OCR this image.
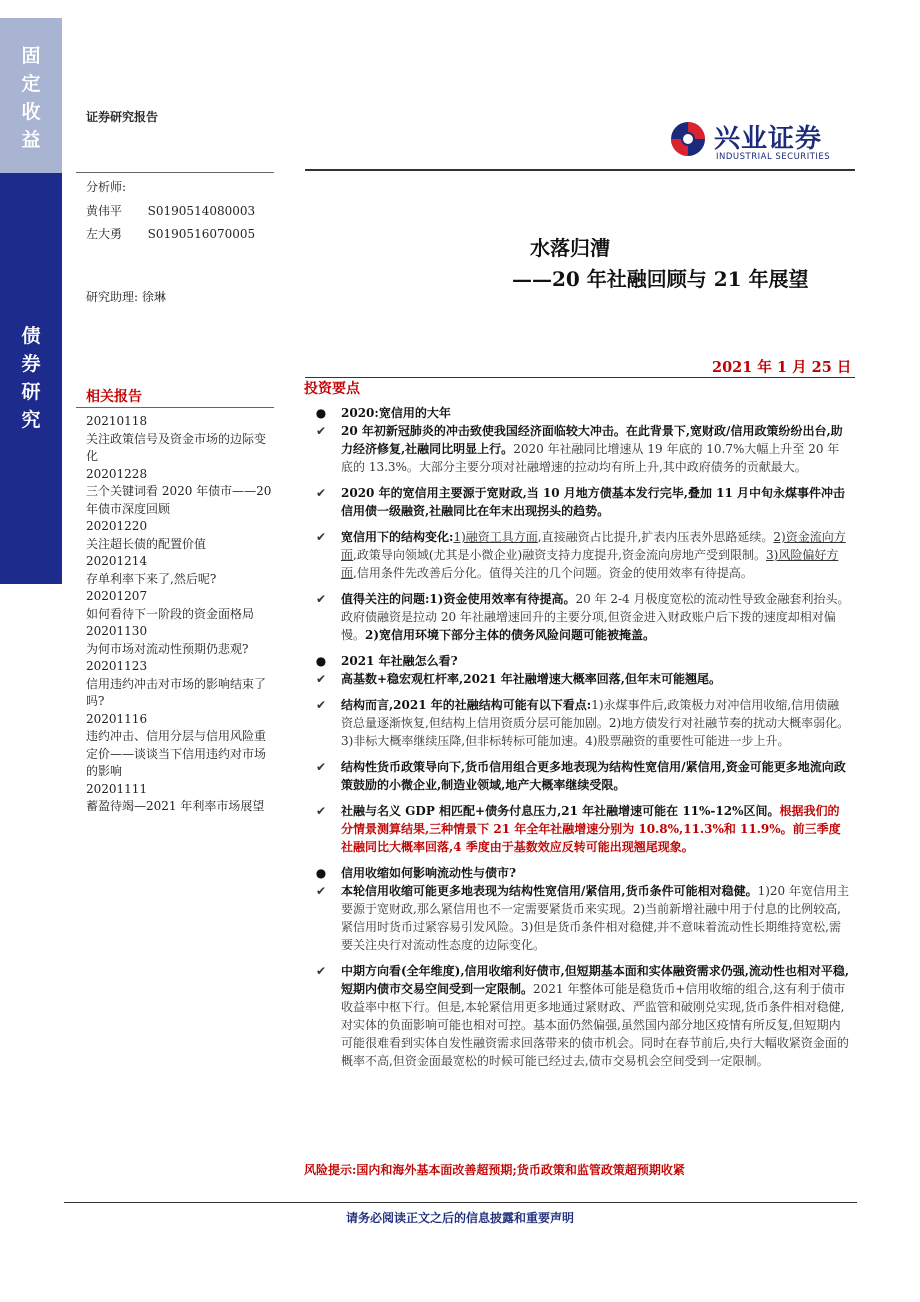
固
定
收
益
债
券
研
究
证券研究报告
兴业证券
INDUSTRIAL SECURITIES
分析师:
黄伟平 S0190514080003
左大勇 S0190516070005
研究助理: 徐琳
水落归漕
——20 年社融回顾与 21 年展望
2021 年 1 月 25 日
相关报告
20210118
关注政策信号及资金市场的边际变化
20201228
三个关键词看 2020 年债市——20 年债市深度回顾
20201220
关注超长债的配置价值
20201214
存单利率下来了,然后呢?
20201207
如何看待下一阶段的资金面格局
20201130
为何市场对流动性预期仍悲观?
20201123
信用违约冲击对市场的影响结束了吗?
20201116
违约冲击、信用分层与信用风险重定价——谈谈当下信用违约对市场的影响
20201111
蓄盈待竭—2021 年利率市场展望
投资要点
●	2020:宽信用的大年
✔	20 年初新冠肺炎的冲击致使我国经济面临较大冲击。在此背景下,宽财政/信用政策纷纷出台,助力经济修复,社融同比明显上行。2020 年社融同比增速从 19 年底的 10.7%大幅上升至 20 年底的 13.3%。大部分主要分项对社融增速的拉动均有所上升,其中政府债务的贡献最大。
✔	2020 年的宽信用主要源于宽财政,当 10 月地方债基本发行完毕,叠加 11 月中旬永煤事件冲击信用债一级融资,社融同比在年末出现拐头的趋势。
✔	宽信用下的结构变化:1)融资工具方面,直接融资占比提升,扩表内压表外思路延续。2)资金流向方面,政策导向领域(尤其是小微企业)融资支持力度提升,资金流向房地产受到限制。3)风险偏好方面,信用条件先改善后分化。值得关注的几个问题。资金的使用效率有待提高。
✔	值得关注的问题:1)资金使用效率有待提高。20 年 2-4 月极度宽松的流动性导致金融套利抬头。政府债融资是拉动 20 年社融增速回升的主要分项,但资金进入财政账户后下拨的速度却相对偏慢。2)宽信用环境下部分主体的债务风险问题可能被掩盖。
●	2021 年社融怎么看?
✔	高基数+稳宏观杠杆率,2021 年社融增速大概率回落,但年末可能翘尾。
✔	结构而言,2021 年的社融结构可能有以下看点:1)永煤事件后,政策极力对冲信用收缩,信用债融资总量逐渐恢复,但结构上信用资质分层可能加剧。2)地方债发行对社融节奏的扰动大概率弱化。3)非标大概率继续压降,但非标转标可能加速。4)股票融资的重要性可能进一步上升。
✔	结构性货币政策导向下,货币信用组合更多地表现为结构性宽信用/紧信用,资金可能更多地流向政策鼓励的小微企业,制造业领域,地产大概率继续受限。
✔	社融与名义 GDP 相匹配+债务付息压力,21 年社融增速可能在 11%-12%区间。根据我们的分情景测算结果,三种情景下 21 年全年社融增速分别为 10.8%,11.3%和 11.9%。前三季度社融同比大概率回落,4 季度由于基数效应反转可能出现翘尾现象。
●	信用收缩如何影响流动性与债市?
✔	本轮信用收缩可能更多地表现为结构性宽信用/紧信用,货币条件可能相对稳健。1)20 年宽信用主要源于宽财政,那么紧信用也不一定需要紧货币来实现。2)当前新增社融中用于付息的比例较高,紧信用时货币过紧容易引发风险。3)但是货币条件相对稳健,并不意味着流动性长期维持宽松,需要关注央行对流动性态度的边际变化。
✔	中期方向看(全年维度),信用收缩利好债市,但短期基本面和实体融资需求仍强,流动性也相对平稳,短期内债市交易空间受到一定限制。2021 年整体可能是稳货币+信用收缩的组合,这有利于债市收益率中枢下行。但是,本轮紧信用更多地通过紧财政、严监管和破刚兑实现,货币条件相对稳健,对实体的负面影响可能也相对可控。基本面仍然偏强,虽然国内部分地区疫情有所反复,但短期内可能很难看到实体自发性融资需求回落带来的债市机会。同时在春节前后,央行大幅收紧资金面的概率不高,但资金面最宽松的时候可能已经过去,债市交易机会空间受到一定限制。
风险提示:国内和海外基本面改善超预期;货币政策和监管政策超预期收紧
请务必阅读正文之后的信息披露和重要声明
